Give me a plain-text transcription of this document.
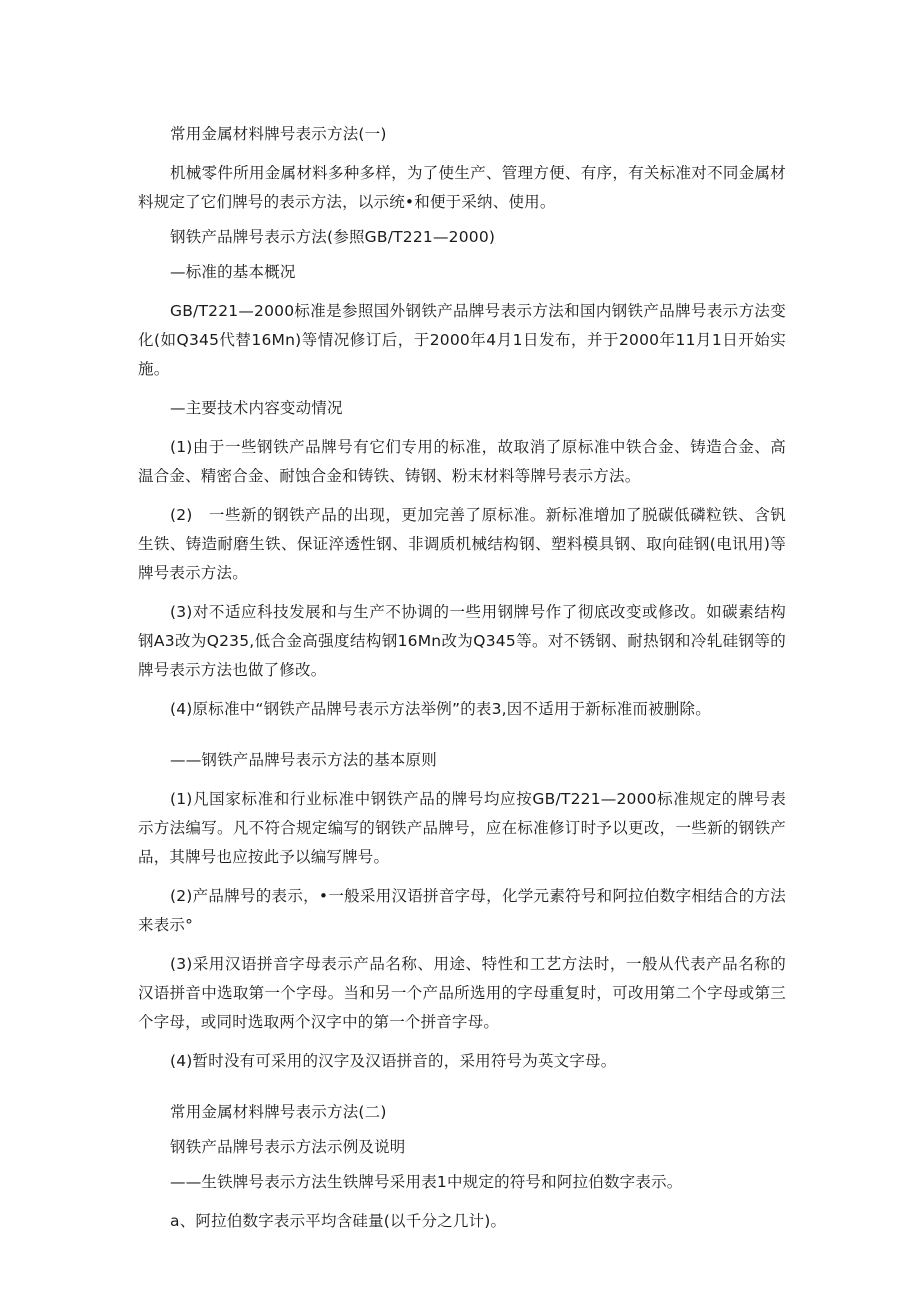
常用金属材料牌号表示方法(一)

机械零件所用金属材料多种多样，为了使生产、管理方便、有序，有关标准对不同金属材料规定了它们牌号的表示方法，以示统•和便于采纳、使用。

钢铁产品牌号表示方法(参照GB/T221—2000)

—标准的基本概况

GB/T221—2000标准是参照国外钢铁产品牌号表示方法和国内钢铁产品牌号表示方法变化(如Q345代替16Mn)等情况修订后，于2000年4月1日发布，并于2000年11月1日开始实施。

—主要技术内容变动情况

(1)由于一些钢铁产品牌号有它们专用的标准，故取消了原标准中铁合金、铸造合金、高温合金、精密合金、耐蚀合金和铸铁、铸钢、粉末材料等牌号表示方法。

(2)　一些新的钢铁产品的出现，更加完善了原标准。新标准增加了脱碳低磷粒铁、含钒生铁、铸造耐磨生铁、保证淬透性钢、非调质机械结构钢、塑料模具钢、取向硅钢(电讯用)等牌号表示方法。

(3)对不适应科技发展和与生产不协调的一些用钢牌号作了彻底改变或修改。如碳素结构钢A3改为Q235,低合金高强度结构钢16Mn改为Q345等。对不锈钢、耐热钢和冷轧硅钢等的牌号表示方法也做了修改。

(4)原标准中“钢铁产品牌号表示方法举例”的表3,因不适用于新标准而被删除。

——钢铁产品牌号表示方法的基本原则

(1)凡国家标准和行业标准中钢铁产品的牌号均应按GB/T221—2000标准规定的牌号表示方法编写。凡不符合规定编写的钢铁产品牌号，应在标准修订时予以更改，一些新的钢铁产品，其牌号也应按此予以编写牌号。

(2)产品牌号的表示，•一般采用汉语拼音字母，化学元素符号和阿拉伯数字相结合的方法来表示°

(3)采用汉语拼音字母表示产品名称、用途、特性和工艺方法时，一般从代表产品名称的汉语拼音中选取第一个字母。当和另一个产品所选用的字母重复时，可改用第二个字母或第三个字母，或同时选取两个汉字中的第一个拼音字母。

(4)暂时没有可采用的汉字及汉语拼音的，采用符号为英文字母。

常用金属材料牌号表示方法(二)

钢铁产品牌号表示方法示例及说明

——生铁牌号表示方法生铁牌号采用表1中规定的符号和阿拉伯数字表示。

a、阿拉伯数字表示平均含硅量(以千分之几计)。
